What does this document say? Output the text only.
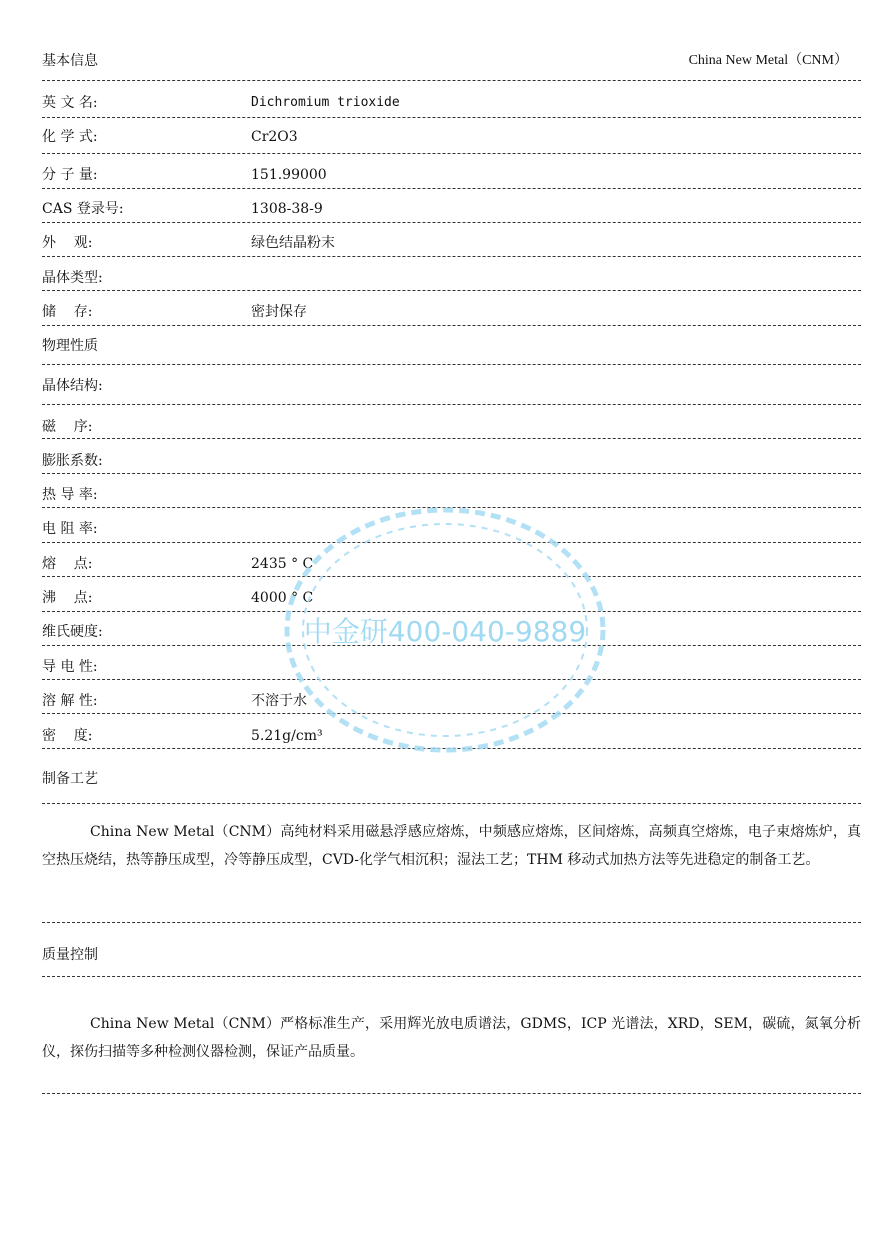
基本信息	China New Metal（CNM）
英 文 名:	Dichromium trioxide
化 学 式:	Cr2O3
分 子 量:	151.99000
CAS 登录号:	1308-38-9
外    观:	绿色结晶粉末
晶体类型:
储    存:	密封保存
物理性质
晶体结构:
磁    序:
膨胀系数:
热 导 率:
电 阻 率:
熔    点:	2435 ° C
沸    点:	4000 ° C
维氏硬度:
导 电 性:
溶 解 性:	不溶于水
密    度:	5.21g/cm³
制备工艺
China New Metal（CNM）高纯材料采用磁悬浮感应熔炼，中频感应熔炼，区间熔炼，高频真空熔炼，电子束熔炼炉，真空热压烧结，热等静压成型，冷等静压成型，CVD-化学气相沉积；湿法工艺；THM 移动式加热方法等先进稳定的制备工艺。
质量控制
China New Metal（CNM）严格标准生产，采用辉光放电质谱法，GDMS，ICP 光谱法，XRD，SEM，碳硫，氮氧分析仪，探伤扫描等多种检测仪器检测，保证产品质量。
中金研400-040-9889
